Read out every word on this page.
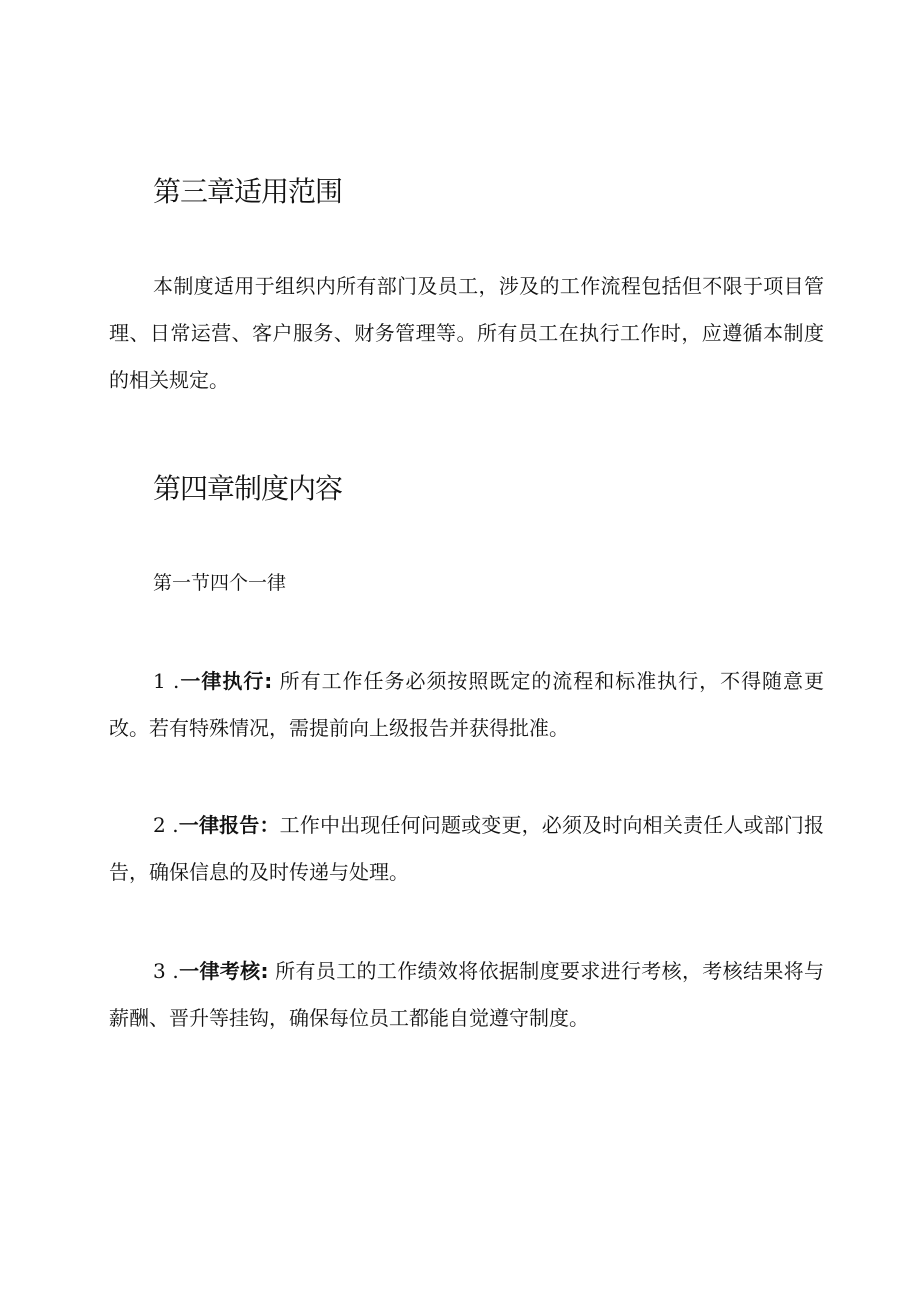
第三章适用范围

本制度适用于组织内所有部门及员工，涉及的工作流程包括但不限于项目管理、日常运营、客户服务、财务管理等。所有员工在执行工作时，应遵循本制度的相关规定。

第四章制度内容
第一节四个一律

1 .一律执行: 所有工作任务必须按照既定的流程和标准执行，不得随意更改。若有特殊情况，需提前向上级报告并获得批准。

2 .一律报告：工作中出现任何问题或变更，必须及时向相关责任人或部门报告，确保信息的及时传递与处理。

3 .一律考核: 所有员工的工作绩效将依据制度要求进行考核，考核结果将与薪酬、晋升等挂钩，确保每位员工都能自觉遵守制度。
